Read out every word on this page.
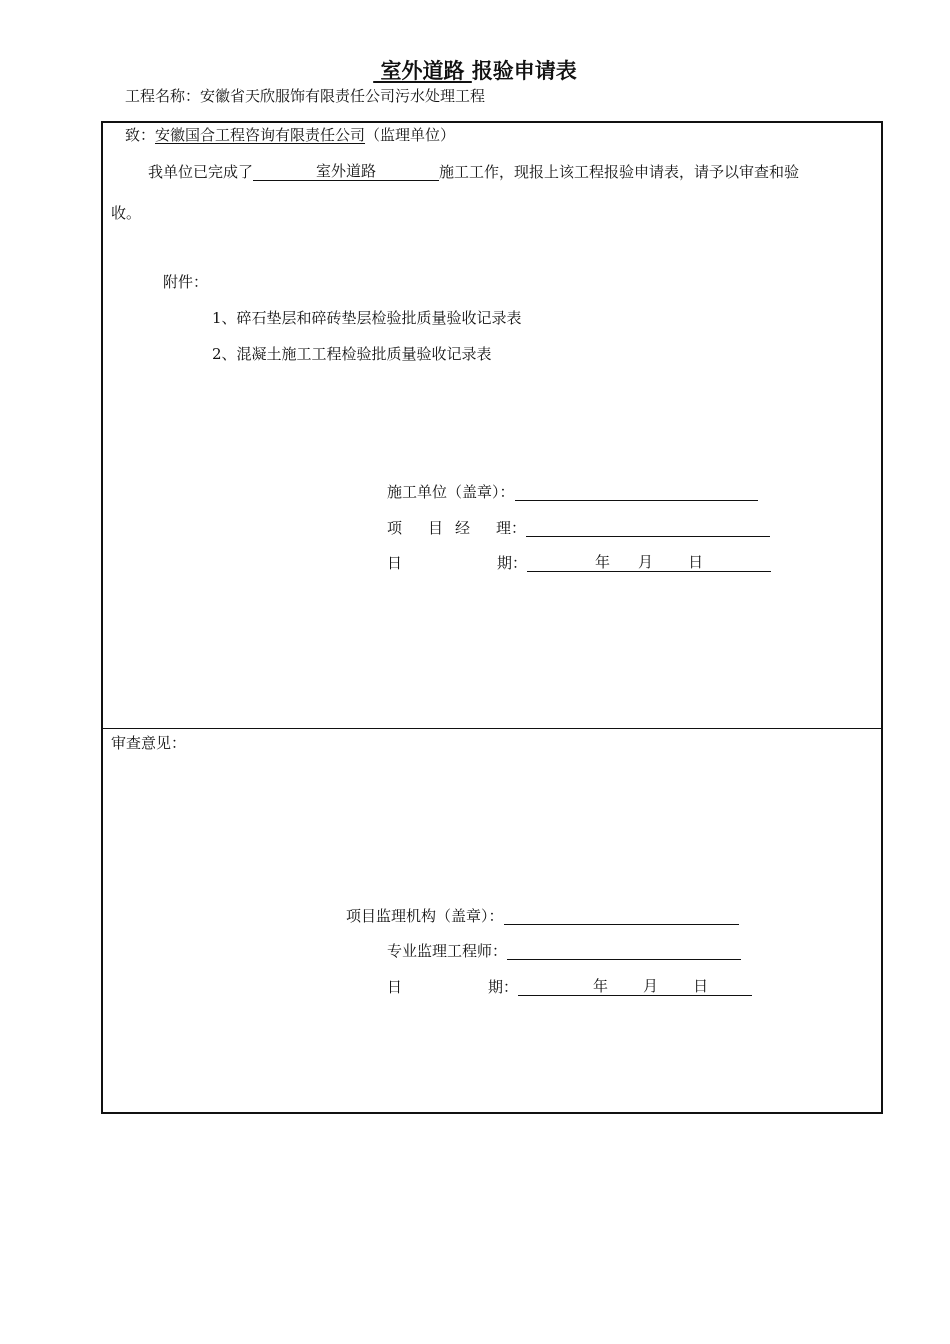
室外道路 报验申请表
工程名称：安徽省天欣服饰有限责任公司污水处理工程
致：安徽国合工程咨询有限责任公司（监理单位）
我单位已完成了	室外道路	施工工作，现报上该工程报验申请表，请予以审查和验
收。
附件：
1、碎石垫层和碎砖垫层检验批质量验收记录表
2、混凝土施工工程检验批质量验收记录表
施工单位（盖章）：
项 目 经 理：
日	期：	年 月 日
审查意见：
项目监理机构（盖章）：
专业监理工程师：
日	期：	年 月 日
